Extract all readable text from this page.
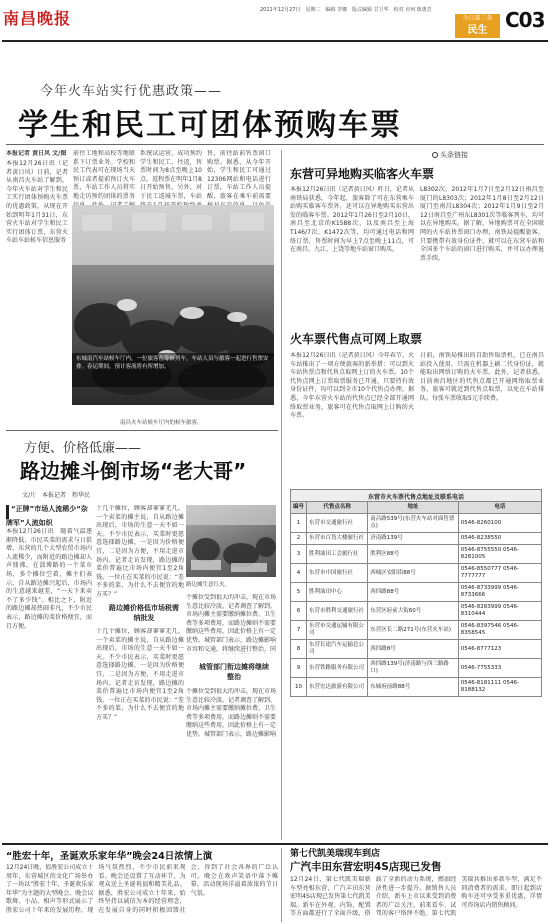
南昌晚报	2011年12月27日　星期二　编辑 李娜　版式编辑 甘卫华　校对 应珂 陈惠芳
今日第三条
民生 C03
今年火车站实行优惠政策——
学生和民工可团体预购车票
本报记者 黄日风 文/图
本报12月26日讯（记者黄日风）日前，记者从南昌火车站了解到，今年火车站对学生和民工实行团体预购火车票的优惠政策。从现在开始到明年1月31日，东营火车站对学生和民工实行团体订票，东营火车站车站候车信息服务
前往工地和高校等地联系下订票业务。学校和民工代表可在现场当天预订或者提前预订火车票，车站工作人员将实地走访预约团体的票务
系统试运营，成功预约学生和民工，往返，售票时间为8点至晚上10点。返程票在明年1月8日开始预售。另外，对于民工返城车票，车站
售，前往站前售票窗口购票。据悉，从今年开始，学生和民工可通过12306网站和电话进行订票，车站工作人员提醒，旅客在乘车前需要
东城南汽车站候车厅内，一位旅客在等候列车，车站人员与旅客一起进行售票安排。春运期间，预计客流将有所增加。
南昌火车站候车厅内的候车旅客。
头条链接
东营可异地购买临客火车票
本报12月26日讯（记者黄日风）昨日，记者从南铁局获悉，今年起，旅客除了可在东营乘车站购买临客车票外，还可以在异地购买东营出发的临客车票。2012年1月26日至2月10日，南昌至北京的K1588次，以及南昌至上海T146/7次、K1472次等，均可通过电话和网络订票，售票时间为早上7点至晚上11点，可在南昌、九江、上饶等地车站窗口购买。
L8302次、2012年1月7日至2月12日南昌至厦门的L8303次；2012年1月8日至2月12日厦门至南昌L8304次；2012年1月9日至2月12日南昌至广州东L8301次等临客列车，均可以在异地购买。据了解，异地购票可在全国联网的火车站售票窗口办理，南铁局提醒旅客，只要携带有效身份证件，就可以在东营车站和全国多个车站的窗口进行购买，并可以办理退票手续。
火车票代售点可网上取票
本报12月26日讯（记者黄日风）今年春节，火车站推出了一项方便旅客的新举措：可以到火车站售票点和代售点取网上订的火车票。10个代售点网上订票取票服务已开通，只要持有效身份证件，均可以到全市10个代售点办理。据悉，今年东营火车站的代售点已经全部开通网络取票业务，旅客可在代售点取网上订购的火车票。
日前，南铁局推出的自助售取票机，已在南昌站投入使用，只需在机器上刷二代身份证，就能取出网络订购的火车票。此外，记者获悉，目前南昌地区的代售点都已开通网络取票业务，旅客可就近到代售点取票，以免在车站排队。每张车票收取5元手续费。
东营市火车票代售点地址及联系电话
编号	代售点名称	地址	电话
1	东营市交通旅行社	南昌路539号(东营火车站对面售票点)	0546-8260100
2	东营市百货大楼旅行社	济南路139号	0546-8238550
3	胜利油田工会旅行社	胜利区88号	0546-8755550 0546-8281005
4	东营市中国旅行社	西城区安阳街88号	0546-8550777 0546-7777777
5	胜利油田中心	西四路88号	0546-8733999 0546-8733666
6	东营市胜利交通旅行社	东营区府前大街60号	0546-8283999 0546-8310444
7	东营市交通运输有限公司	东营区长二路271号(东营火车站)	0546-8397546 0546-8358545
8	东营长途汽车运输总公司	西四路8号	0546-8777123
9	东营铁路服务有限公司	西四路139号(济南路与西三路路口)	0546-7755333
10	东营宏达旅游有限公司	东城府前路88号	0546-8181111 0546-8188132
方便、价格低廉——
路边摊斗倒市场“老大哥”
文/片　本报记者　程华民
“正牌”市场人流稀少“杂牌军”人流如织
本报12月26日讯　随着气温逐渐降低，市民买菜的需求与日俱增。东营的几个大型农贸市场内人流稀少，而附近的路边摊却人声鼎沸。在淄博路的一个菜市场，多个摊位空着，摊主们表示，自从路边摊兴起后，市场内的生意越来越差，“一天下来卖不了多少钱”。相比之下，附近的路边摊却热闹非凡，不少市民表示，路边摊的菜价格便宜，而且方便。
十几个摊位，顾客却寥寥无几。一个卖菜的摊主说，自从路边摊出现后，市场的生意一天不如一天。不少市民表示，买菜时更愿意选择路边摊，一是因为价格便宜，二是因为方便，不用走进市场内。记者走访发现，路边摊的菜价普遍比市场内便宜1至2角钱。一位正在买菜的市民说：“差不多的菜，为什么不去便宜的地方买？”
路边摊价格低市场税需纳批发
路边摊生意红火。
个摊位受到很大的冲击，现在市场生意比较冷淡。记者调查了解到，市场内摊主需要缴纳摊位费、卫生费等多项费用，而路边摊则不需要缴纳这些费用，因此价格上有一定优势。城管部门表示，路边摊影响市容和交通，将继续进行整治，同
城管部门衔边摊将继续整治
个摊位受到很大的冲击，现在市场生意比较冷淡。记者调查了解到，市场内摊主需要缴纳摊位费、卫生费等多项费用，而路边摊则不需要缴纳这些费用，因此价格上有一定优势。城管部门表示，路边摊影响
十几个摊位，顾客却寥寥无几。一个卖菜的摊主说，自从路边摊出现后，市场的生意一天不如一天。不少市民表示，买菜时更愿意选择路边摊，一是因为价格便宜，二是因为方便，不用走进市场内。记者走访发现，路边摊的菜价普遍比市场内便宜1至2角钱。一位正在买菜的市民说：“差不多的菜，为什么不去便宜的地方买？”
“胜宏十年，圣诞欢乐家年华”晚会24日浓情上演
12月24日晚，值胜宏公司成立十周年，东营城区的文化广场举办了一场以“胜宏十年，圣诞欢乐家年华”为主题的大型晚会。晚会以歌舞、小品、相声等形式展示了胜宏公司十年来的发展历程，现场气氛热烈，不少市民前来观看。晚会还设置了互动环节，为观众送上圣诞祝福和精美礼品。据悉，胜宏公司成立十年来，始终坚持以诚信为本的经营理念，在发展自身的同时积极回馈社会，得到了社会各界的广泛认可。晚会在欢声笑语中落下帷幕，活动现场洋溢着浓浓的节日气氛。
第七代凯美瑞现车到店
广汽丰田东营宏明4S店现已发售
12月24日，第七代凯美瑞新车型亮相东营，广汽丰田东营宏明4S店现已发售第七代凯美瑞。新车在外观、内饰、配置等方面都进行了全面升级，搭载了全新的动力系统，燃油经济性进一步提升。据销售人员介绍，新车上市以来受到消费者的广泛关注，前来看车、试驾的客户络绎不绝。第七代凯美瑞共推出多款车型，满足不同消费者的需求。即日起到店购车还可享受多重优惠，详情可咨询店内销售顾问。
